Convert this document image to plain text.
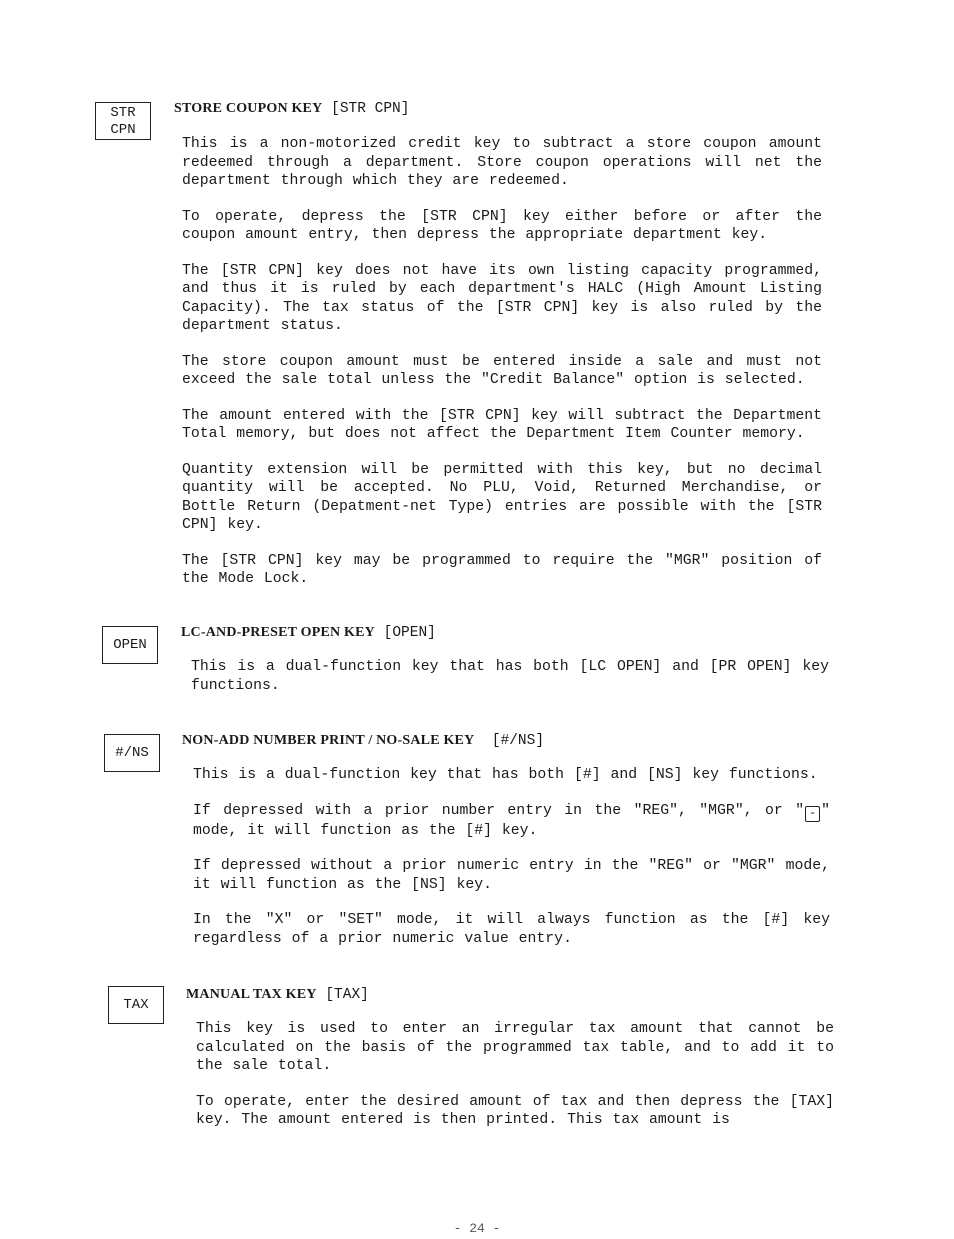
STR
CPN

STORE COUPON KEY [STR CPN]

This is a non-motorized credit key to subtract a store coupon amount redeemed through a department. Store coupon operations will net the department through which they are redeemed.

To operate, depress the [STR CPN] key either before or after the coupon amount entry, then depress the appropriate department key.

The [STR CPN] key does not have its own listing capacity programmed, and thus it is ruled by each department's HALC (High Amount Listing Capacity). The tax status of the [STR CPN] key is also ruled by the department status.

The store coupon amount must be entered inside a sale and must not exceed the sale total unless the "Credit Balance" option is selected.

The amount entered with the [STR CPN] key will subtract the Department Total memory, but does not affect the Department Item Counter memory.

Quantity extension will be permitted with this key, but no decimal quantity will be accepted. No PLU, Void, Returned Merchandise, or Bottle Return (Depatment-net Type) entries are possible with the [STR CPN] key.

The [STR CPN] key may be programmed to require the "MGR" position of the Mode Lock.

OPEN

LC-AND-PRESET OPEN KEY [OPEN]

This is a dual-function key that has both [LC OPEN] and [PR OPEN] key functions.

#/NS

NON-ADD NUMBER PRINT / NO-SALE KEY [#/NS]

This is a dual-function key that has both [#] and [NS] key functions.

If depressed with a prior number entry in the "REG", "MGR", or " - " mode, it will function as the [#] key.

If depressed without a prior numeric entry in the "REG" or "MGR" mode, it will function as the [NS] key.

In the "X" or "SET" mode, it will always function as the [#] key regardless of a prior numeric value entry.

TAX

MANUAL TAX KEY [TAX]

This key is used to enter an irregular tax amount that cannot be calculated on the basis of the programmed tax table, and to add it to the sale total.

To operate, enter the desired amount of tax and then depress the [TAX] key. The amount entered is then printed. This tax amount is

- 24 -
